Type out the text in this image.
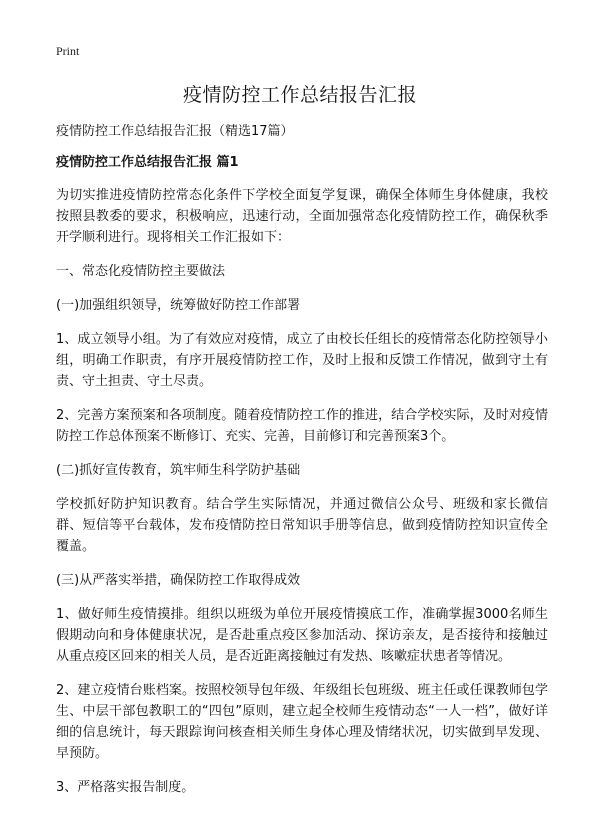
Print
疫情防控工作总结报告汇报

疫情防控工作总结报告汇报（精选17篇）

疫情防控工作总结报告汇报 篇1

为切实推进疫情防控常态化条件下学校全面复学复课，确保全体师生身体健康，我校按照县教委的要求，积极响应，迅速行动，全面加强常态化疫情防控工作，确保秋季开学顺利进行。现将相关工作汇报如下：

一、常态化疫情防控主要做法

(一)加强组织领导，统筹做好防控工作部署

1、成立领导小组。为了有效应对疫情，成立了由校长任组长的疫情常态化防控领导小组，明确工作职责，有序开展疫情防控工作，及时上报和反馈工作情况，做到守土有责、守土担责、守土尽责。

2、完善方案预案和各项制度。随着疫情防控工作的推进，结合学校实际，及时对疫情防控工作总体预案不断修订、充实、完善，目前修订和完善预案3个。

(二)抓好宣传教育，筑牢师生科学防护基础

学校抓好防护知识教育。结合学生实际情况，并通过微信公众号、班级和家长微信群、短信等平台载体，发布疫情防控日常知识手册等信息，做到疫情防控知识宣传全覆盖。

(三)从严落实举措，确保防控工作取得成效

1、做好师生疫情摸排。组织以班级为单位开展疫情摸底工作，准确掌握3000名师生假期动向和身体健康状况，是否赴重点疫区参加活动、探访亲友，是否接待和接触过从重点疫区回来的相关人员，是否近距离接触过有发热、咳嗽症状患者等情况。

2、建立疫情台账档案。按照校领导包年级、年级组长包班级、班主任或任课教师包学生、中层干部包教职工的“四包”原则，建立起全校师生疫情动态“一人一档”，做好详细的信息统计，每天跟踪询问核查相关师生身体心理及情绪状况，切实做到早发现、早预防。

3、严格落实报告制度。
